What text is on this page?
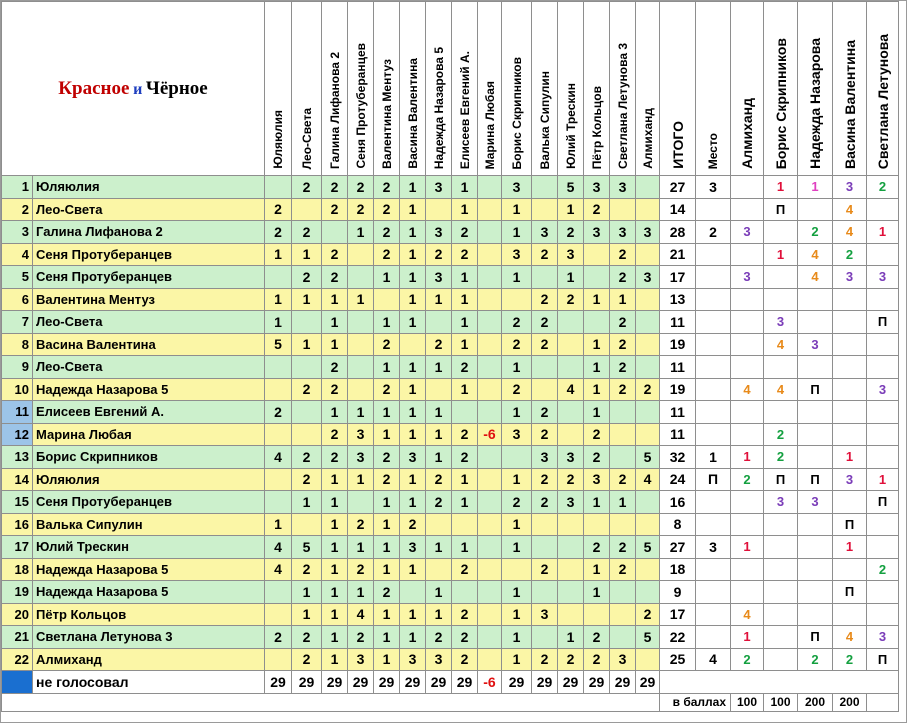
Красное и Чёрное		Юляюлия	Лео-Света	Галина Лифанова 2	Сеня Протуберанцев	Валентина Ментуз	Васина Валентина	Надежда Назарова 5	Елисеев Евгений А.	Марина Любая	Борис Скрипников	Валька Сипулин	Юлий Трескин	Пётр Кольцов	Светлана Летунова 3	Алмиханд	ИТОГО	Место	Алмиханд	Борис Скрипников	Надежда Назарова	Васина Валентина	Светлана Летунова
1	Юляюлия		2	2	2	2	1	3	1		3		5	3	3		27	3		1	1	3	2
2	Лео-Света	2		2	2	2	1		1		1		1	2			14			П		4	
3	Галина Лифанова 2	2	2		1	2	1	3	2		1	3	2	3	3	3	28	2	3		2	4	1
4	Сеня Протуберанцев	1	1	2		2	1	2	2		3	2	3		2		21			1	4	2	
5	Сеня Протуберанцев		2	2		1	1	3	1		1		1		2	3	17		3		4	3	3
6	Валентина Ментуз	1	1	1	1		1	1	1			2	2	1	1		13						
7	Лео-Света	1		1		1	1		1		2	2			2		11			3			П
8	Васина Валентина	5	1	1		2		2	1		2	2		1	2		19			4	3		
9	Лео-Света			2		1	1	1	2		1			1	2		11						
10	Надежда Назарова 5		2	2		2	1		1		2		4	1	2	2	19		4	4	П		3
11	Елисеев Евгений А.	2		1	1	1	1	1			1	2		1			11						
12	Марина Любая			2	3	1	1	1	2	-6	3	2		2			11			2			
13	Борис Скрипников	4	2	2	3	2	3	1	2			3	3	2		5	32	1	1	2		1	
14	Юляюлия		2	1	1	2	1	2	1		1	2	2	3	2	4	24	П	2	П	П	3	1
15	Сеня Протуберанцев		1	1		1	1	2	1		2	2	3	1	1		16			3	3		П
16	Валька Сипулин	1		1	2	1	2				1						8					П	
17	Юлий Трескин	4	5	1	1	1	3	1	1		1			2	2	5	27	3	1			1	
18	Надежда Назарова 5	4	2	1	2	1	1		2			2		1	2		18						2
19	Надежда Назарова 5		1	1	1	2		1			1			1			9					П	
20	Пётр Кольцов		1	1	4	1	1	1	2		1	3				2	17		4				
21	Светлана Летунова 3	2	2	1	2	1	1	2	2		1		1	2		5	22		1		П	4	3
22	Алмиханд		2	1	3	1	3	3	2		1	2	2	2	3		25	4	2		2	2	П
	не голосовал	29	29	29	29	29	29	29	29	-6	29	29	29	29	29	29							
																	в баллах		100	100	200	200	
